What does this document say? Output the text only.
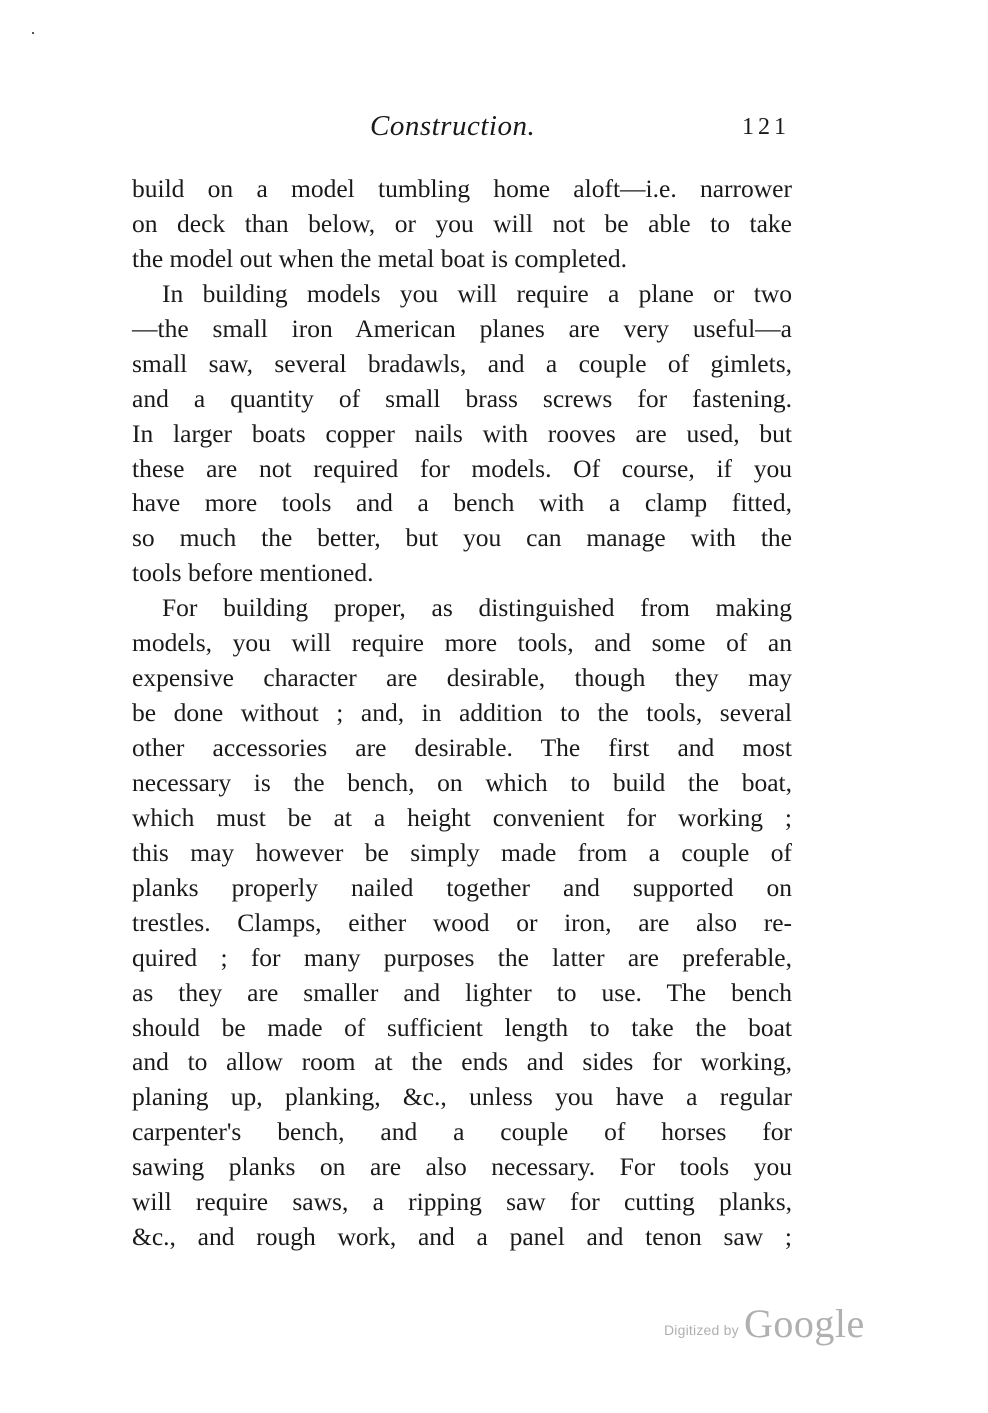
Construction.	121
build on a model tumbling home aloft—i.e. narrower
on deck than below, or you will not be able to take
the model out when the metal boat is completed.
In building models you will require a plane or two
—the small iron American planes are very useful—a
small saw, several bradawls, and a couple of gimlets,
and a quantity of small brass screws for fastening.
In larger boats copper nails with rooves are used, but
these are not required for models. Of course, if you
have more tools and a bench with a clamp fitted,
so much the better, but you can manage with the
tools before mentioned.
For building proper, as distinguished from making
models, you will require more tools, and some of an
expensive character are desirable, though they may
be done without ; and, in addition to the tools, several
other accessories are desirable. The first and most
necessary is the bench, on which to build the boat,
which must be at a height convenient for working ;
this may however be simply made from a couple of
planks properly nailed together and supported on
trestles. Clamps, either wood or iron, are also re-
quired ; for many purposes the latter are preferable,
as they are smaller and lighter to use. The bench
should be made of sufficient length to take the boat
and to allow room at the ends and sides for working,
planing up, planking, &c., unless you have a regular
carpenter's bench, and a couple of horses for
sawing planks on are also necessary. For tools you
will require saws, a ripping saw for cutting planks,
&c., and rough work, and a panel and tenon saw ;
Digitized by Google
